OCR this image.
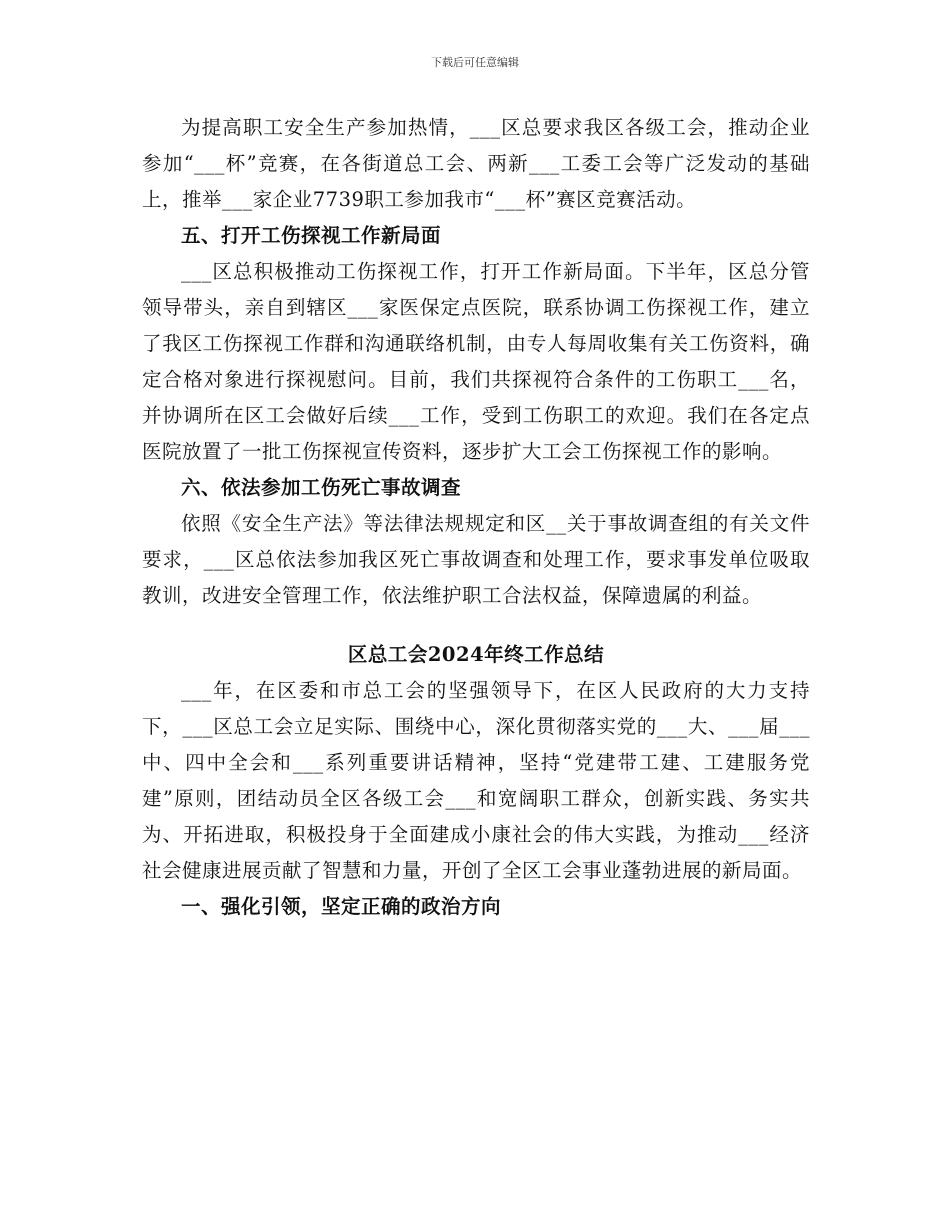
下载后可任意编辑

为提高职工安全生产参加热情，___区总要求我区各级工会，推动企业参加“___杯”竞赛，在各街道总工会、两新___工委工会等广泛发动的基础上，推举___家企业7739职工参加我市“___杯”赛区竞赛活动。

五、打开工伤探视工作新局面

___区总积极推动工伤探视工作，打开工作新局面。下半年，区总分管领导带头，亲自到辖区___家医保定点医院，联系协调工伤探视工作，建立了我区工伤探视工作群和沟通联络机制，由专人每周收集有关工伤资料，确定合格对象进行探视慰问。目前，我们共探视符合条件的工伤职工___名，并协调所在区工会做好后续___工作，受到工伤职工的欢迎。我们在各定点医院放置了一批工伤探视宣传资料，逐步扩大工会工伤探视工作的影响。

六、依法参加工伤死亡事故调查

依照《安全生产法》等法律法规规定和区__关于事故调查组的有关文件要求，___区总依法参加我区死亡事故调查和处理工作，要求事发单位吸取教训，改进安全管理工作，依法维护职工合法权益，保障遗属的利益。

区总工会2024年终工作总结

___年，在区委和市总工会的坚强领导下，在区人民政府的大力支持下，___区总工会立足实际、围绕中心，深化贯彻落实党的___大、___届___中、四中全会和___系列重要讲话精神，坚持“党建带工建、工建服务党建”原则，团结动员全区各级工会___和宽阔职工群众，创新实践、务实共为、开拓进取，积极投身于全面建成小康社会的伟大实践，为推动___经济社会健康进展贡献了智慧和力量，开创了全区工会事业蓬勃进展的新局面。

一、强化引领，坚定正确的政治方向
